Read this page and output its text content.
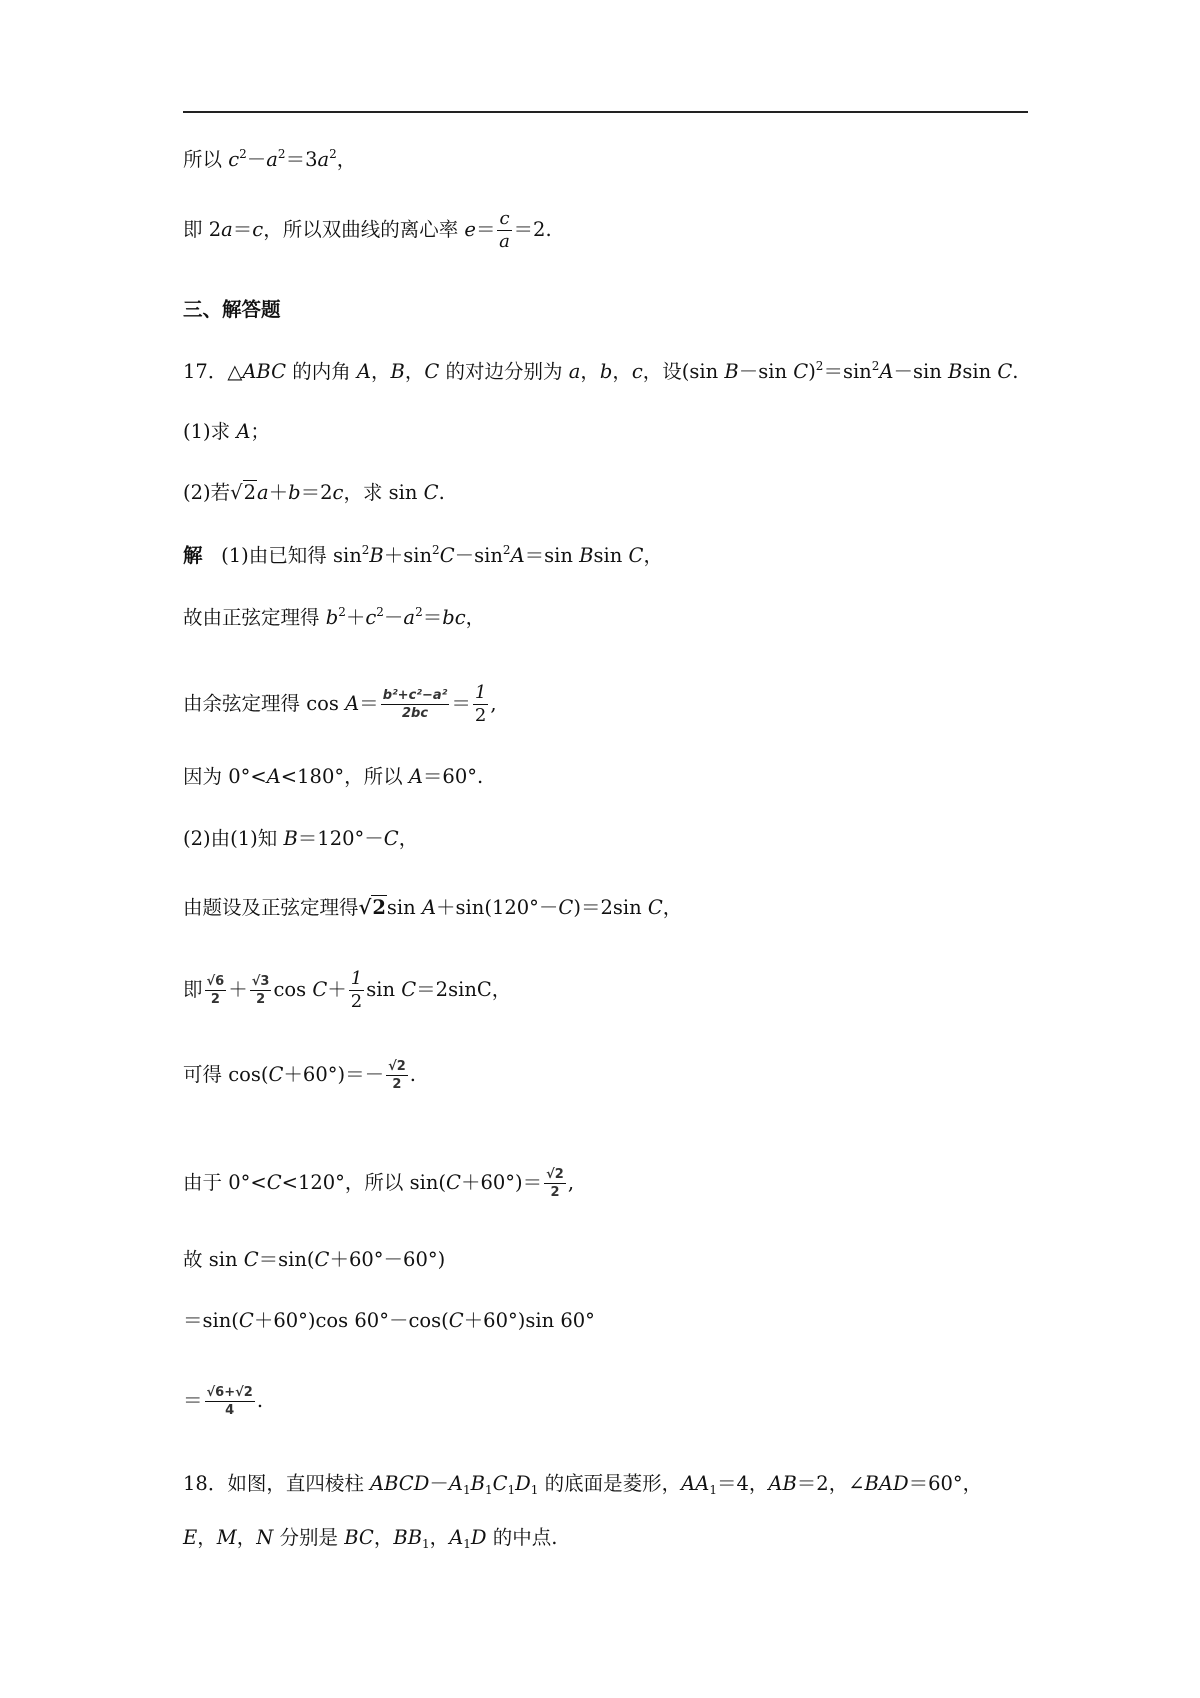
所以 $c^2-a^2=3a^2$，
即 2a＝c，所以双曲线的离心率 $e= \frac{c}{a} =2$.
三、解答题
17．△ABC 的内角 A，B，C 的对边分别为 a，b，c，设(sin B－sin $C)^2=\sin^2A-\sin$ Bsin C.
(1)求 A；
(2)若√2a＋b＝2c，求 sin C.
解 (1)由已知得 $\sin^2B+\sin^2C-\sin^2A=\sin$ Bsin C，
故由正弦定理得 $b^2+c^2-a^2=bc$，
由余弦定理得 $\cos A= \frac{\text{b²+c²−a²}}{2bc} = \frac{1}{2}$ ,
因为 0°<A<180°，所以 A＝60°.
(2)由(1)知 B＝120°－C，
由题设及正弦定理得√2sin A＋sin(120°－C)＝2sin C，
即 $\frac{√6}{2} + \frac{√3}{2}$ $\cos C+ \frac{1}{2}$ sin C＝2sinC，
可得 $\cos(C+60^\circ)=- \frac{√2}{2}$ .
由于 0°<C<120°，所以 $\sin(C+60^\circ)= \frac{√2}{2}$ ,
故 sin C＝sin(C＋60°－60°)
＝sin(C＋60°)cos 60°－cos(C＋60°)sin 60°
＝ $\frac{√6+√2}{4}$ .
18．如图，直四棱柱 $ABCD-A_1B_1C_1D_1$ 的底面是菱形，$AA_1=4$，AB＝2，∠BAD＝60°，
E，M，N 分别是 BC，$BB_1$，$A_1D$ 的中点.
